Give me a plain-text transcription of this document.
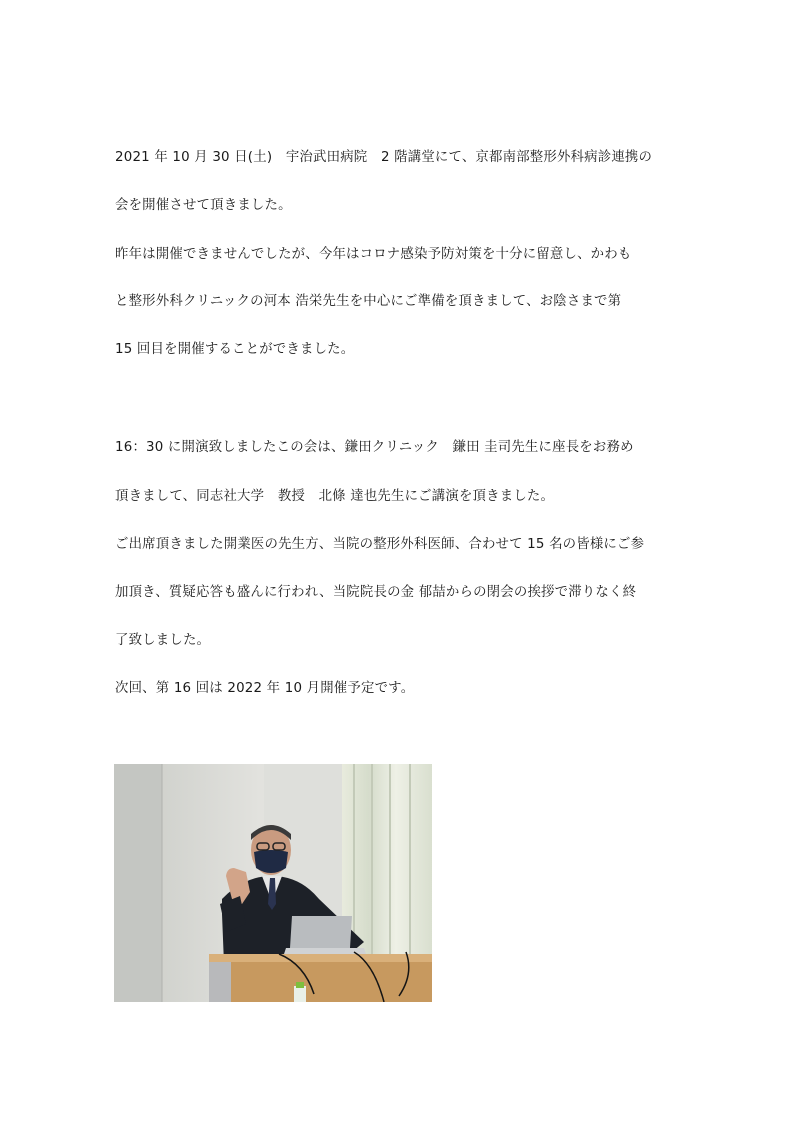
2021 年 10 月 30 日(土)　宇治武田病院　2 階講堂にて、京都南部整形外科病診連携の
会を開催させて頂きました。
昨年は開催できませんでしたが、今年はコロナ感染予防対策を十分に留意し、かわも
と整形外科クリニックの河本 浩栄先生を中心にご準備を頂きまして、お陰さまで第
15 回目を開催することができました。
16：30 に開演致しましたこの会は、鎌田クリニック　鎌田 圭司先生に座長をお務め
頂きまして、同志社大学　教授　北條 達也先生にご講演を頂きました。
ご出席頂きました開業医の先生方、当院の整形外科医師、合わせて 15 名の皆様にご参
加頂き、質疑応答も盛んに行われ、当院院長の金 郁喆からの閉会の挨拶で滞りなく終
了致しました。
次回、第 16 回は 2022 年 10 月開催予定です。
